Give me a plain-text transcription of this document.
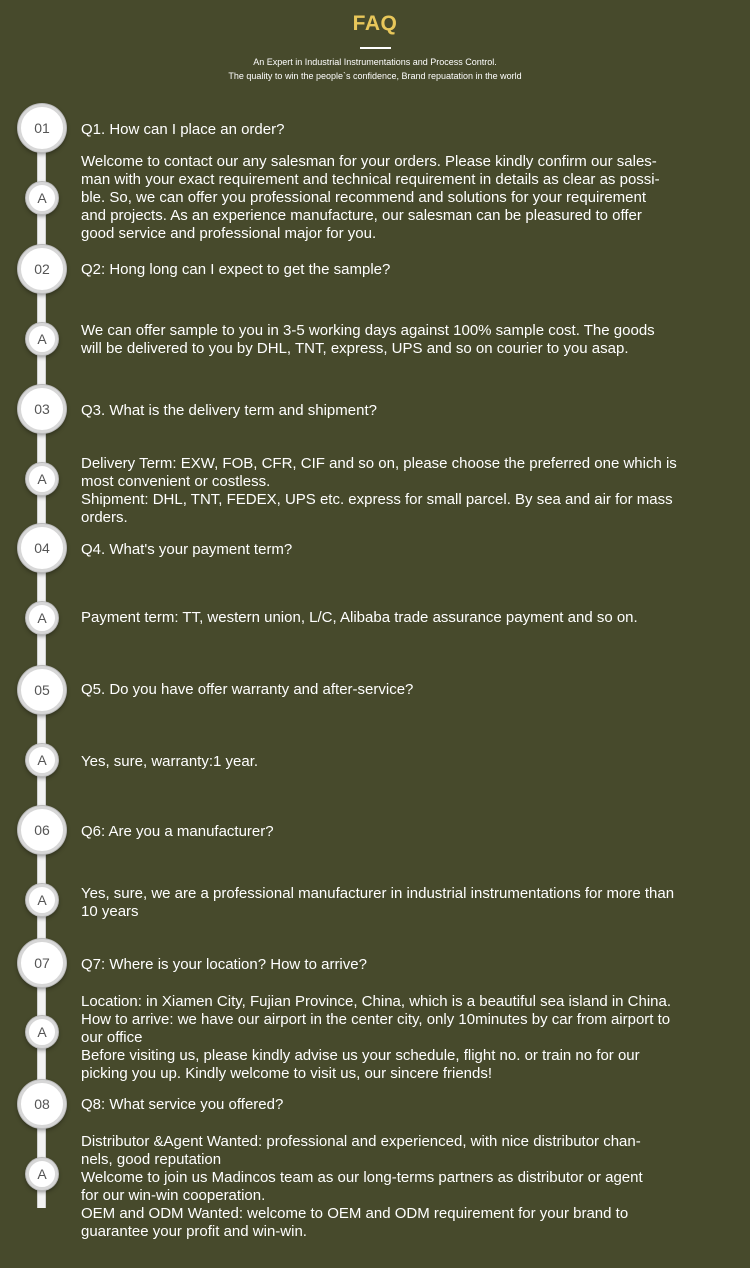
FAQ
An Expert in Industrial Instrumentations and Process Control.
The quality to win the people`s confidence, Brand repuatation in the world
01	Q1. How can I place an order?
A
Welcome to contact our any salesman for your orders. Please kindly confirm our sales-
man with your exact requirement and technical requirement in details as clear as possi-
ble. So, we can offer you professional recommend and solutions for your requirement
and projects. As an experience manufacture, our salesman can be pleasured to offer
good service and professional major for you.
02	Q2: Hong long can I expect to get the sample?
A	We can offer sample to you in 3-5 working days against 100% sample cost. The goods
will be delivered to you by DHL, TNT, express, UPS and so on courier to you asap.
03	Q3. What is the delivery term and shipment?
A
Delivery Term: EXW, FOB, CFR, CIF and so on, please choose the preferred one which is
most convenient or costless.
Shipment: DHL, TNT, FEDEX, UPS etc. express for small parcel. By sea and air for mass
orders.
04	Q4. What's your payment term?
A	Payment term: TT, western union, L/C, Alibaba trade assurance payment and so on.
05	Q5. Do you have offer warranty and after-service?
A	Yes, sure, warranty:1 year.
06	Q6: Are you a manufacturer?
A	Yes, sure, we are a professional manufacturer in industrial instrumentations for more than
10 years
07	Q7: Where is your location? How to arrive?
A
Location: in Xiamen City, Fujian Province, China, which is a beautiful sea island in China.
How to arrive: we have our airport in the center city, only 10minutes by car from airport to
our office
Before visiting us, please kindly advise us your schedule, flight no. or train no for our
picking you up. Kindly welcome to visit us, our sincere friends!
08	Q8: What service you offered?
A
Distributor &Agent Wanted: professional and experienced, with nice distributor chan-
nels, good reputation
Welcome to join us Madincos team as our long-terms partners as distributor or agent
for our win-win cooperation.
OEM and ODM Wanted: welcome to OEM and ODM requirement for your brand to
guarantee your profit and win-win.
